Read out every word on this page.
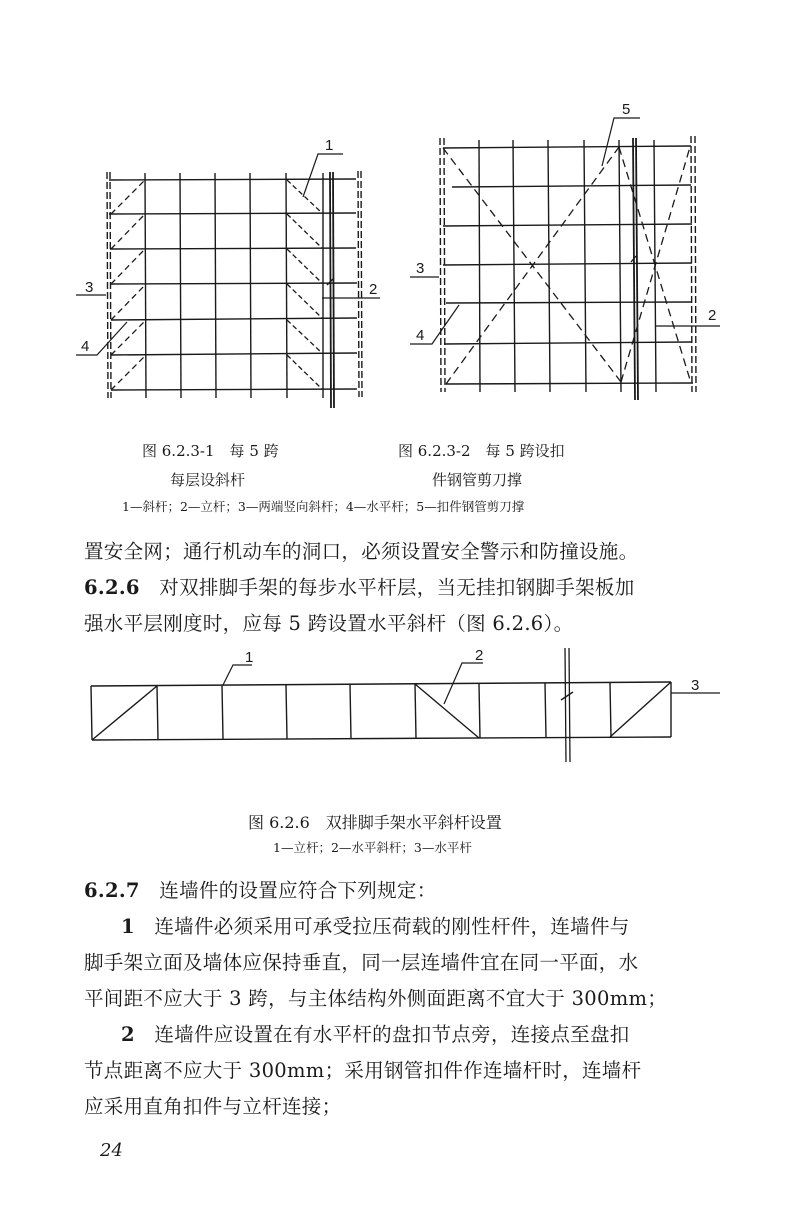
1
2
3
4
5
3
4
2
图 6.2.3-1　每 5 跨
每层设斜杆
图 6.2.3-2　每 5 跨设扣
件钢管剪刀撑
1—斜杆；2—立杆；3—两端竖向斜杆；4—水平杆；5—扣件钢管剪刀撑
置安全网；通行机动车的洞口，必须设置安全警示和防撞设施。
6.2.6 对双排脚手架的每步水平杆层，当无挂扣钢脚手架板加
强水平层刚度时，应每 5 跨设置水平斜杆（图 6.2.6）。
1	2
3
图 6.2.6　双排脚手架水平斜杆设置
1—立杆；2—水平斜杆；3—水平杆
6.2.7 连墙件的设置应符合下列规定：
1 连墙件必须采用可承受拉压荷载的刚性杆件，连墙件与
脚手架立面及墙体应保持垂直，同一层连墙件宜在同一平面，水
平间距不应大于 3 跨，与主体结构外侧面距离不宜大于 300mm；
2 连墙件应设置在有水平杆的盘扣节点旁，连接点至盘扣
节点距离不应大于 300mm；采用钢管扣件作连墙杆时，连墙杆
应采用直角扣件与立杆连接；
24
